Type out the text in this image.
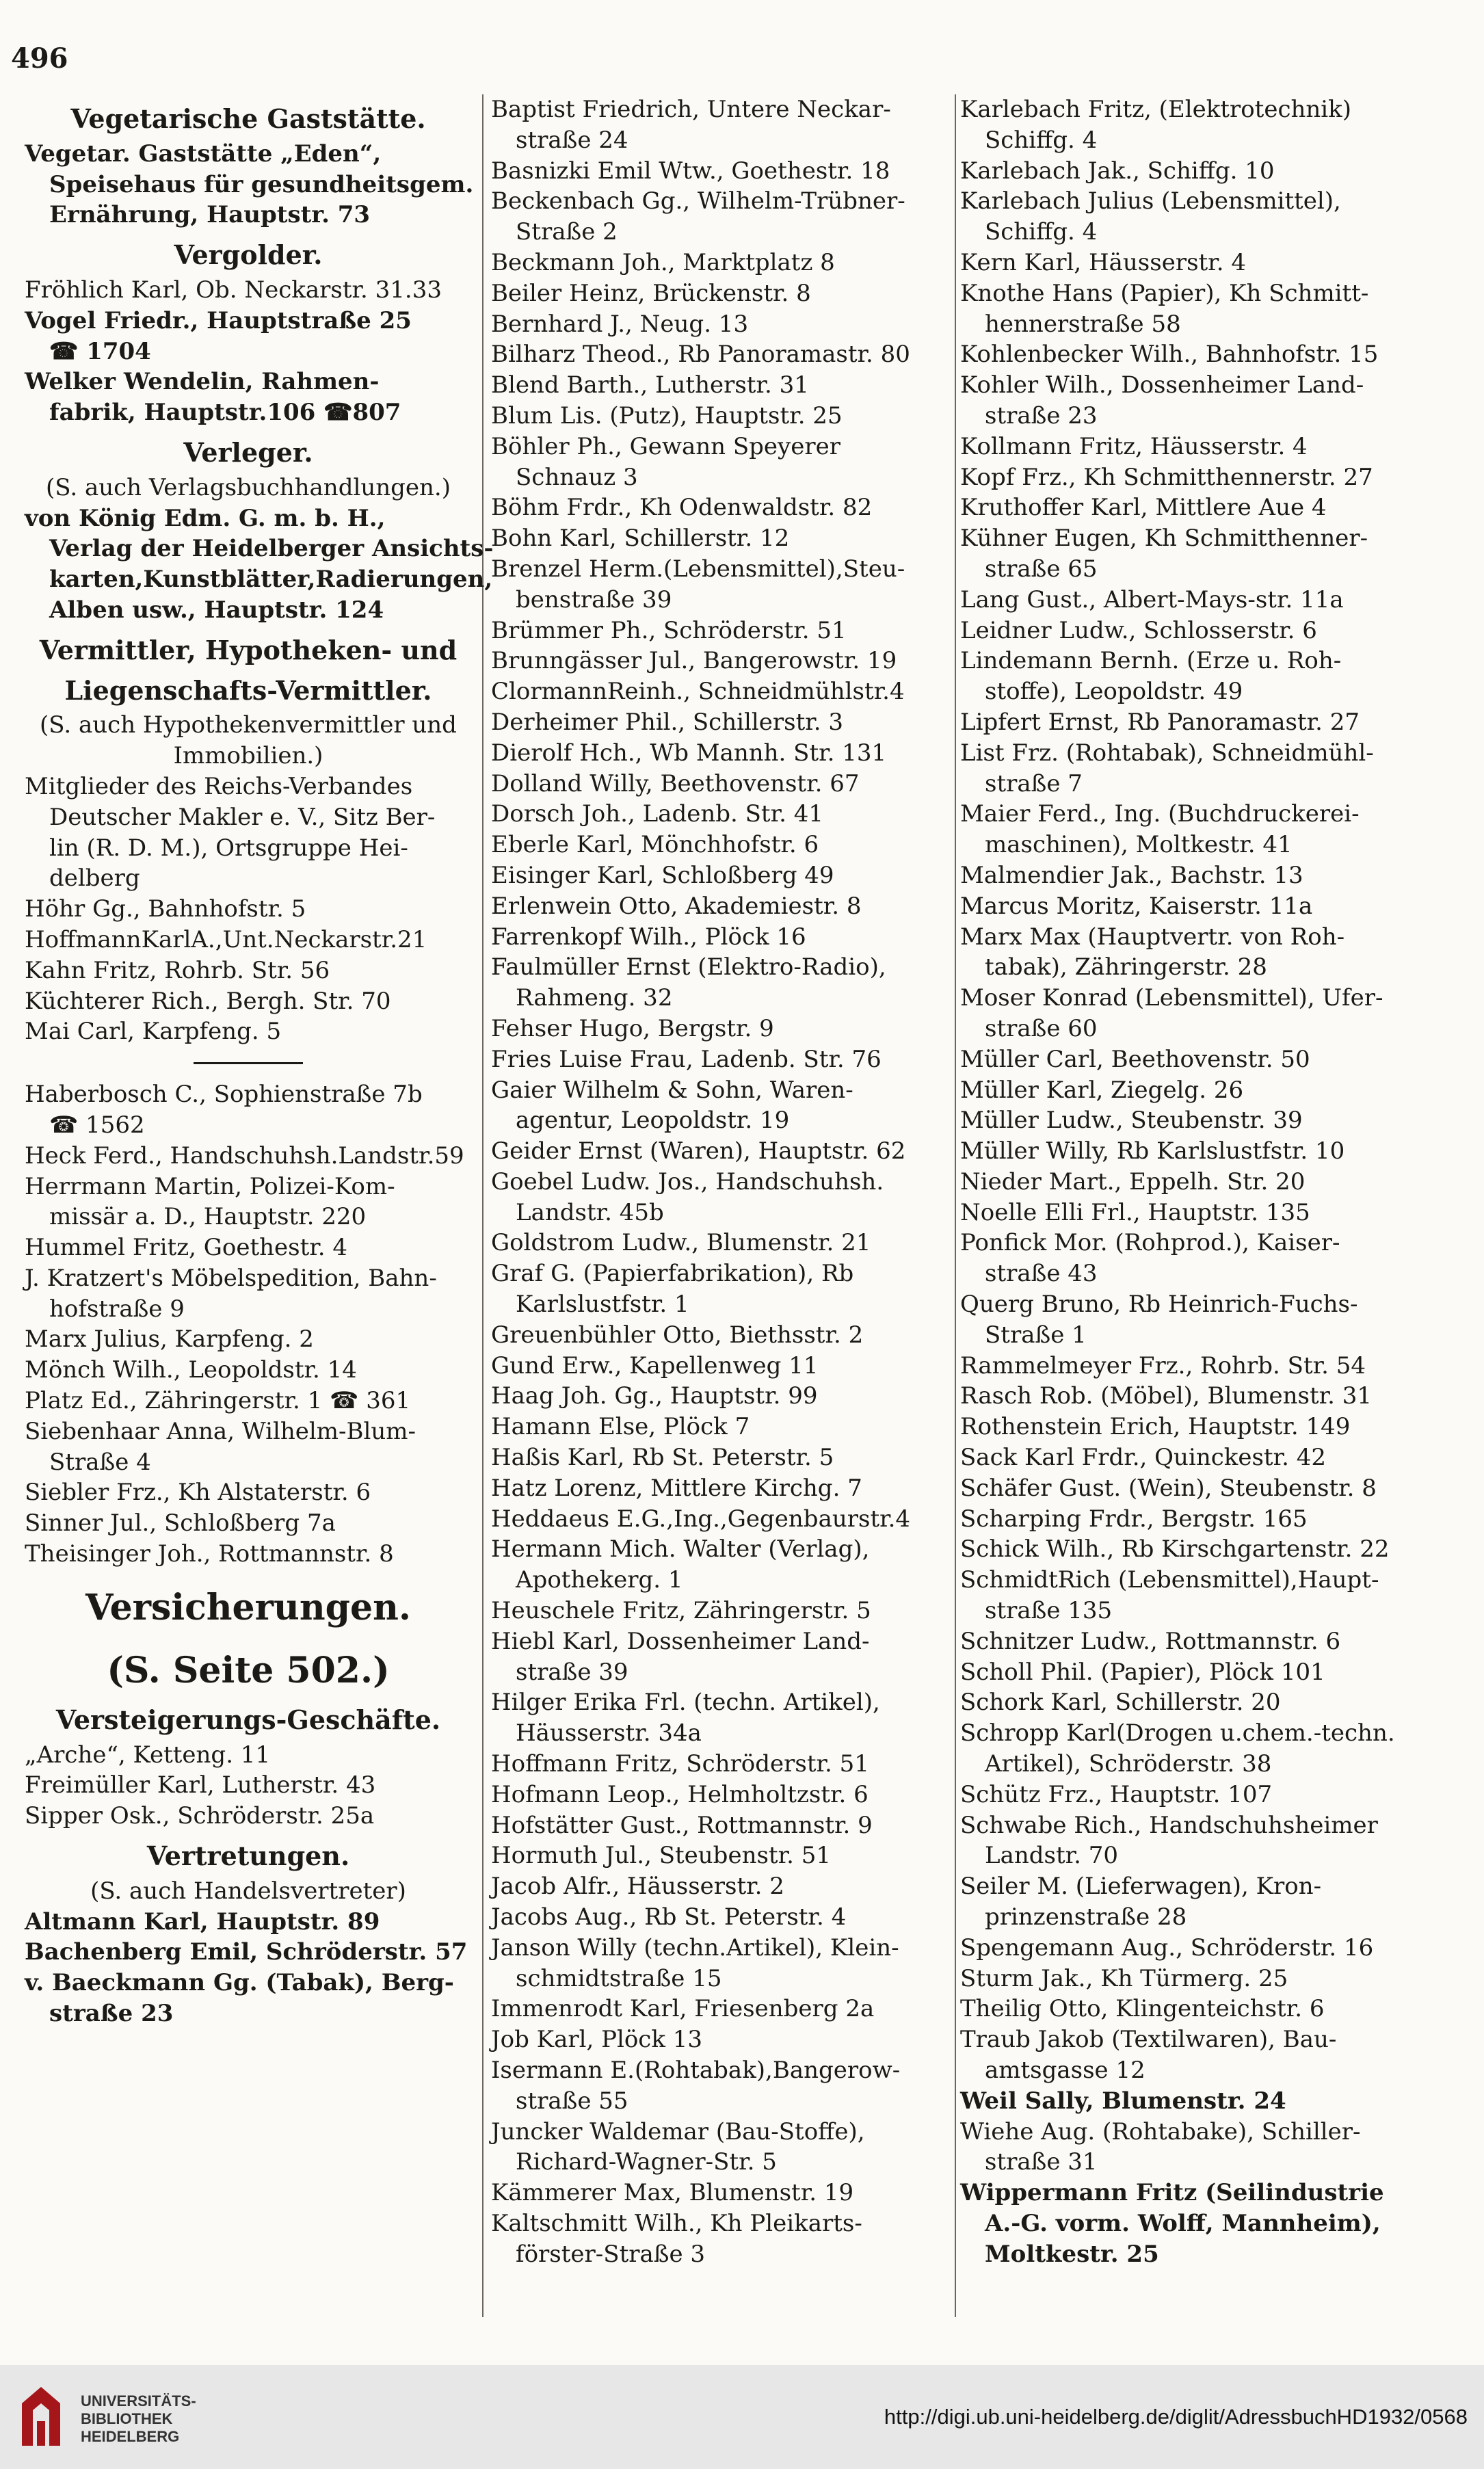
496
Vegetarische Gaststätte.
Vegetar. Gaststätte „Eden“,
Speisehaus für gesundheitsgem.
Ernährung, Hauptstr. 73
Vergolder.
Fröhlich Karl, Ob. Neckarstr. 31.33
Vogel Friedr., Hauptstraße 25
☎ 1704
Welker Wendelin, Rahmen-
fabrik, Hauptstr.106 ☎807
Verleger.
(S. auch Verlagsbuchhandlungen.)
von König Edm. G. m. b. H.,
Verlag der Heidelberger Ansichts-
karten,Kunstblätter,Radierungen,
Alben usw., Hauptstr. 124
Vermittler, Hypotheken- und
Liegenschafts-Vermittler.
(S. auch Hypothekenvermittler und
Immobilien.)
Mitglieder des Reichs-Verbandes
Deutscher Makler e. V., Sitz Ber-
lin (R. D. M.), Ortsgruppe Hei-
delberg
Höhr Gg., Bahnhofstr. 5
HoffmannKarlA.,Unt.Neckarstr.21
Kahn Fritz, Rohrb. Str. 56
Küchterer Rich., Bergh. Str. 70
Mai Carl, Karpfeng. 5
Haberbosch C., Sophienstraße 7b
☎ 1562
Heck Ferd., Handschuhsh.Landstr.59
Herrmann Martin, Polizei-Kom-
missär a. D., Hauptstr. 220
Hummel Fritz, Goethestr. 4
J. Kratzert's Möbelspedition, Bahn-
hofstraße 9
Marx Julius, Karpfeng. 2
Mönch Wilh., Leopoldstr. 14
Platz Ed., Zähringerstr. 1 ☎ 361
Siebenhaar Anna, Wilhelm-Blum-
Straße 4
Siebler Frz., Kh Alstaterstr. 6
Sinner Jul., Schloßberg 7a
Theisinger Joh., Rottmannstr. 8
Versicherungen.
(S. Seite 502.)
Versteigerungs-Geschäfte.
„Arche“, Ketteng. 11
Freimüller Karl, Lutherstr. 43
Sipper Osk., Schröderstr. 25a
Vertretungen.
(S. auch Handelsvertreter)
Altmann Karl, Hauptstr. 89
Bachenberg Emil, Schröderstr. 57
v. Baeckmann Gg. (Tabak), Berg-
straße 23
Baptist Friedrich, Untere Neckar-
straße 24
Basnizki Emil Wtw., Goethestr. 18
Beckenbach Gg., Wilhelm-Trübner-
Straße 2
Beckmann Joh., Marktplatz 8
Beiler Heinz, Brückenstr. 8
Bernhard J., Neug. 13
Bilharz Theod., Rb Panoramastr. 80
Blend Barth., Lutherstr. 31
Blum Lis. (Putz), Hauptstr. 25
Böhler Ph., Gewann Speyerer
Schnauz 3
Böhm Frdr., Kh Odenwaldstr. 82
Bohn Karl, Schillerstr. 12
Brenzel Herm.(Lebensmittel),Steu-
benstraße 39
Brümmer Ph., Schröderstr. 51
Brunngässer Jul., Bangerowstr. 19
ClormannReinh., Schneidmühlstr.4
Derheimer Phil., Schillerstr. 3
Dierolf Hch., Wb Mannh. Str. 131
Dolland Willy, Beethovenstr. 67
Dorsch Joh., Ladenb. Str. 41
Eberle Karl, Mönchhofstr. 6
Eisinger Karl, Schloßberg 49
Erlenwein Otto, Akademiestr. 8
Farrenkopf Wilh., Plöck 16
Faulmüller Ernst (Elektro-Radio),
Rahmeng. 32
Fehser Hugo, Bergstr. 9
Fries Luise Frau, Ladenb. Str. 76
Gaier Wilhelm & Sohn, Waren-
agentur, Leopoldstr. 19
Geider Ernst (Waren), Hauptstr. 62
Goebel Ludw. Jos., Handschuhsh.
Landstr. 45b
Goldstrom Ludw., Blumenstr. 21
Graf G. (Papierfabrikation), Rb
Karlslustfstr. 1
Greuenbühler Otto, Biethsstr. 2
Gund Erw., Kapellenweg 11
Haag Joh. Gg., Hauptstr. 99
Hamann Else, Plöck 7
Haßis Karl, Rb St. Peterstr. 5
Hatz Lorenz, Mittlere Kirchg. 7
Heddaeus E.G.,Ing.,Gegenbaurstr.4
Hermann Mich. Walter (Verlag),
Apothekerg. 1
Heuschele Fritz, Zähringerstr. 5
Hiebl Karl, Dossenheimer Land-
straße 39
Hilger Erika Frl. (techn. Artikel),
Häusserstr. 34a
Hoffmann Fritz, Schröderstr. 51
Hofmann Leop., Helmholtzstr. 6
Hofstätter Gust., Rottmannstr. 9
Hormuth Jul., Steubenstr. 51
Jacob Alfr., Häusserstr. 2
Jacobs Aug., Rb St. Peterstr. 4
Janson Willy (techn.Artikel), Klein-
schmidtstraße 15
Immenrodt Karl, Friesenberg 2a
Job Karl, Plöck 13
Isermann E.(Rohtabak),Bangerow-
straße 55
Juncker Waldemar (Bau-Stoffe),
Richard-Wagner-Str. 5
Kämmerer Max, Blumenstr. 19
Kaltschmitt Wilh., Kh Pleikarts-
förster-Straße 3
Karlebach Fritz, (Elektrotechnik)
Schiffg. 4
Karlebach Jak., Schiffg. 10
Karlebach Julius (Lebensmittel),
Schiffg. 4
Kern Karl, Häusserstr. 4
Knothe Hans (Papier), Kh Schmitt-
hennerstraße 58
Kohlenbecker Wilh., Bahnhofstr. 15
Kohler Wilh., Dossenheimer Land-
straße 23
Kollmann Fritz, Häusserstr. 4
Kopf Frz., Kh Schmitthennerstr. 27
Kruthoffer Karl, Mittlere Aue 4
Kühner Eugen, Kh Schmitthenner-
straße 65
Lang Gust., Albert-Mays-str. 11a
Leidner Ludw., Schlosserstr. 6
Lindemann Bernh. (Erze u. Roh-
stoffe), Leopoldstr. 49
Lipfert Ernst, Rb Panoramastr. 27
List Frz. (Rohtabak), Schneidmühl-
straße 7
Maier Ferd., Ing. (Buchdruckerei-
maschinen), Moltkestr. 41
Malmendier Jak., Bachstr. 13
Marcus Moritz, Kaiserstr. 11a
Marx Max (Hauptvertr. von Roh-
tabak), Zähringerstr. 28
Moser Konrad (Lebensmittel), Ufer-
straße 60
Müller Carl, Beethovenstr. 50
Müller Karl, Ziegelg. 26
Müller Ludw., Steubenstr. 39
Müller Willy, Rb Karlslustfstr. 10
Nieder Mart., Eppelh. Str. 20
Noelle Elli Frl., Hauptstr. 135
Ponfick Mor. (Rohprod.), Kaiser-
straße 43
Querg Bruno, Rb Heinrich-Fuchs-
Straße 1
Rammelmeyer Frz., Rohrb. Str. 54
Rasch Rob. (Möbel), Blumenstr. 31
Rothenstein Erich, Hauptstr. 149
Sack Karl Frdr., Quinckestr. 42
Schäfer Gust. (Wein), Steubenstr. 8
Scharping Frdr., Bergstr. 165
Schick Wilh., Rb Kirschgartenstr. 22
SchmidtRich (Lebensmittel),Haupt-
straße 135
Schnitzer Ludw., Rottmannstr. 6
Scholl Phil. (Papier), Plöck 101
Schork Karl, Schillerstr. 20
Schropp Karl(Drogen u.chem.-techn.
Artikel), Schröderstr. 38
Schütz Frz., Hauptstr. 107
Schwabe Rich., Handschuhsheimer
Landstr. 70
Seiler M. (Lieferwagen), Kron-
prinzenstraße 28
Spengemann Aug., Schröderstr. 16
Sturm Jak., Kh Türmerg. 25
Theilig Otto, Klingenteichstr. 6
Traub Jakob (Textilwaren), Bau-
amtsgasse 12
Weil Sally, Blumenstr. 24
Wiehe Aug. (Rohtabake), Schiller-
straße 31
Wippermann Fritz (Seilindustrie
A.-G. vorm. Wolff, Mannheim),
Moltkestr. 25
UNIVERSITÄTS-
BIBLIOTHEK
HEIDELBERG
http://digi.ub.uni-heidelberg.de/diglit/AdressbuchHD1932/0568
